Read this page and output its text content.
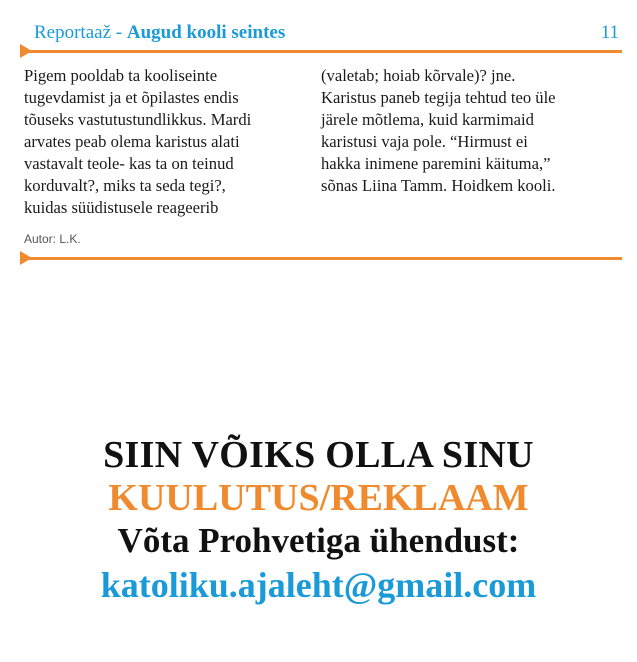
Reportaaž - Augud kooli seintes	11
Pigem pooldab ta kooliseinte
tugevdamist ja et õpilastes endis
tõuseks vastutustundlikkus. Mardi
arvates peab olema karistus alati
vastavalt teole- kas ta on teinud
korduvalt?, miks ta seda tegi?,
kuidas süüdistusele reageerib
(valetab; hoiab kõrvale)? jne.
Karistus paneb tegija tehtud teo üle
järele mõtlema, kuid karmimaid
karistusi vaja pole. “Hirmust ei
hakka inimene paremini käituma,”
sõnas Liina Tamm. Hoidkem kooli.
Autor: L.K.
SIIN VÕIKS OLLA SINU
KUULUTUS/REKLAAM
Võta Prohvetiga ühendust:
katoliku.ajaleht@gmail.com
